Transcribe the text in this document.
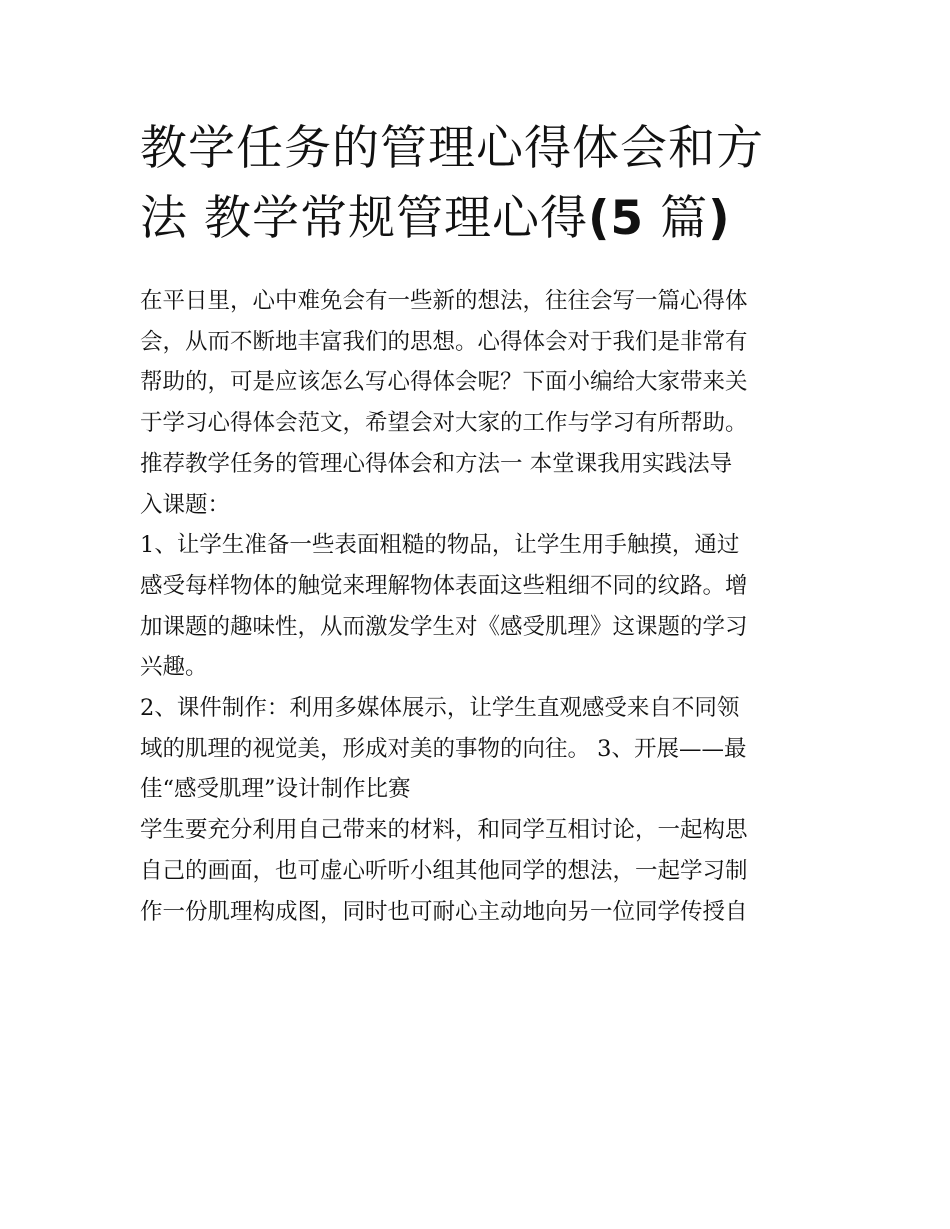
教学任务的管理心得体会和方
法 教学常规管理心得(5 篇)
在平日里，心中难免会有一些新的想法，往往会写一篇心得体
会，从而不断地丰富我们的思想。心得体会对于我们是非常有
帮助的，可是应该怎么写心得体会呢？下面小编给大家带来关
于学习心得体会范文，希望会对大家的工作与学习有所帮助。
推荐教学任务的管理心得体会和方法一 本堂课我用实践法导
入课题：
1、让学生准备一些表面粗糙的物品，让学生用手触摸，通过
感受每样物体的触觉来理解物体表面这些粗细不同的纹路。增
加课题的趣味性，从而激发学生对《感受肌理》这课题的学习
兴趣。
2、课件制作：利用多媒体展示，让学生直观感受来自不同领
域的肌理的视觉美，形成对美的事物的向往。 3、开展——最
佳“感受肌理”设计制作比赛
学生要充分利用自己带来的材料，和同学互相讨论，一起构思
自己的画面，也可虚心听听小组其他同学的想法，一起学习制
作一份肌理构成图，同时也可耐心主动地向另一位同学传授自
